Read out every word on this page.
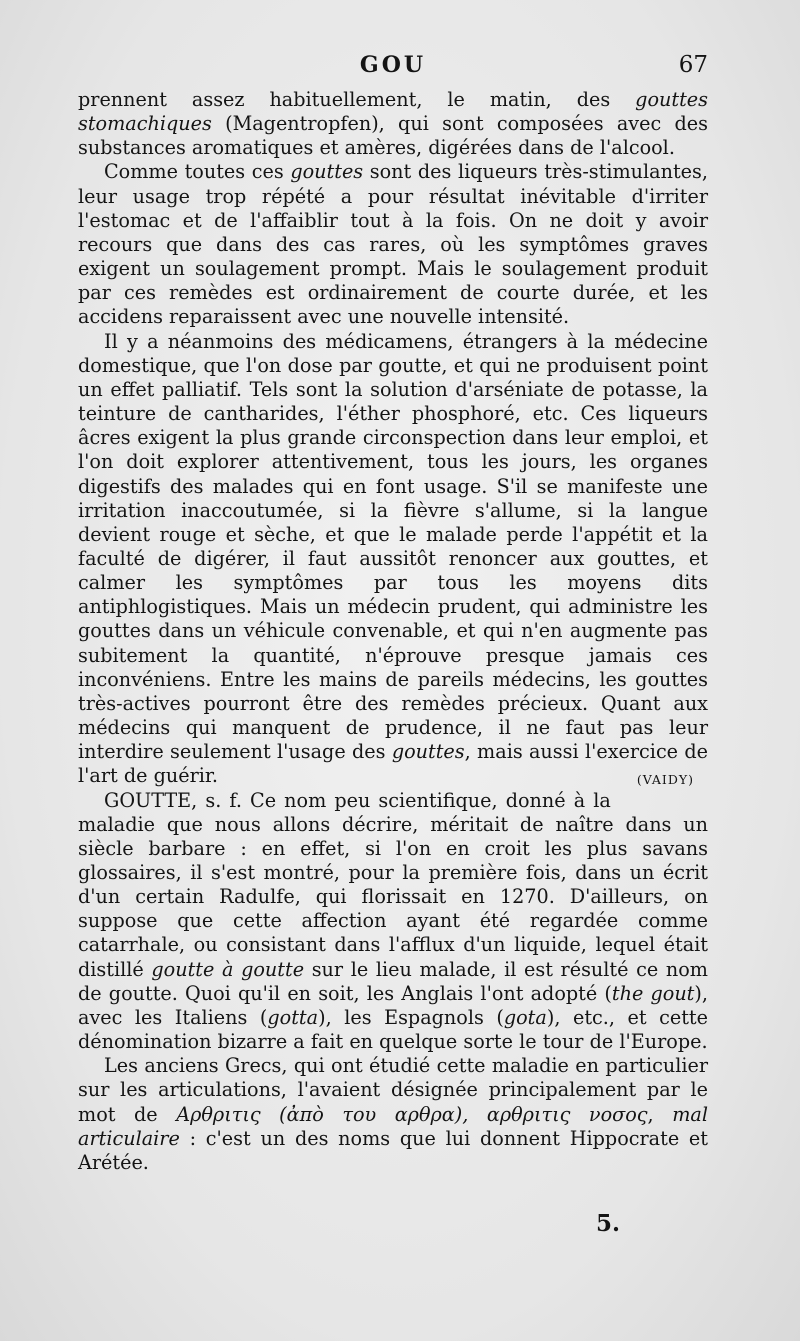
GOU	67

prennent assez habituellement, le matin, des gouttes stomachiques (Magentropfen), qui sont composées avec des substances aromatiques et amères, digérées dans de l'alcool.

Comme toutes ces gouttes sont des liqueurs très-stimulantes, leur usage trop répété a pour résultat inévitable d'irriter l'estomac et de l'affaiblir tout à la fois. On ne doit y avoir recours que dans des cas rares, où les symptômes graves exigent un soulagement prompt. Mais le soulagement produit par ces remèdes est ordinairement de courte durée, et les accidens reparaissent avec une nouvelle intensité.

Il y a néanmoins des médicamens, étrangers à la médecine domestique, que l'on dose par goutte, et qui ne produisent point un effet palliatif. Tels sont la solution d'arséniate de potasse, la teinture de cantharides, l'éther phosphoré, etc. Ces liqueurs âcres exigent la plus grande circonspection dans leur emploi, et l'on doit explorer attentivement, tous les jours, les organes digestifs des malades qui en font usage. S'il se manifeste une irritation inaccoutumée, si la fièvre s'allume, si la langue devient rouge et sèche, et que le malade perde l'appétit et la faculté de digérer, il faut aussitôt renoncer aux gouttes, et calmer les symptômes par tous les moyens dits antiphlogistiques. Mais un médecin prudent, qui administre les gouttes dans un véhicule convenable, et qui n'en augmente pas subitement la quantité, n'éprouve presque jamais ces inconvéniens. Entre les mains de pareils médecins, les gouttes très-actives pourront être des remèdes précieux. Quant aux médecins qui manquent de prudence, il ne faut pas leur interdire seulement l'usage des gouttes, mais aussi l'exercice de l'art de guérir.	(VAIDY)

GOUTTE, s. f. Ce nom peu scientifique, donné à la maladie que nous allons décrire, méritait de naître dans un siècle barbare : en effet, si l'on en croit les plus savans glossaires, il s'est montré, pour la première fois, dans un écrit d'un certain Radulfe, qui florissait en 1270. D'ailleurs, on suppose que cette affection ayant été regardée comme catarrhale, ou consistant dans l'afflux d'un liquide, lequel était distillé goutte à goutte sur le lieu malade, il est résulté ce nom de goutte. Quoi qu'il en soit, les Anglais l'ont adopté (the gout), avec les Italiens (gotta), les Espagnols (gota), etc., et cette dénomination bizarre a fait en quelque sorte le tour de l'Europe.

Les anciens Grecs, qui ont étudié cette maladie en particulier sur les articulations, l'avaient désignée principalement par le mot de Αρθριτις (ἀπὸ του αρθρα), αρθριτις νοσος, mal articulaire : c'est un des noms que lui donnent Hippocrate et Arétée.

5.
